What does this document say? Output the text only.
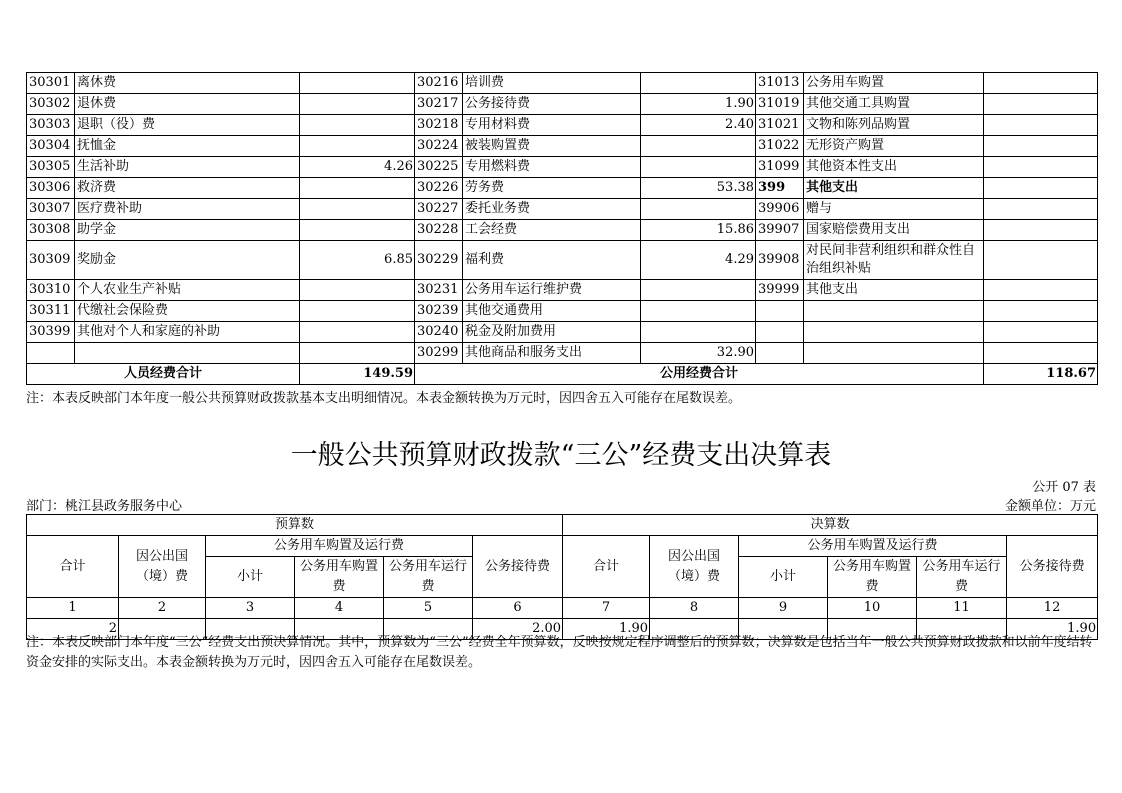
30301	离休费		30216	培训费		31013	公务用车购置	
30302	退休费		30217	公务接待费	1.90	31019	其他交通工具购置	
30303	退职（役）费		30218	专用材料费	2.40	31021	文物和陈列品购置	
30304	抚恤金		30224	被装购置费		31022	无形资产购置	
30305	生活补助	4.26	30225	专用燃料费		31099	其他资本性支出	
30306	救济费		30226	劳务费	53.38	399	其他支出	
30307	医疗费补助		30227	委托业务费		39906	赠与	
30308	助学金		30228	工会经费	15.86	39907	国家赔偿费用支出	
30309	奖励金	6.85	30229	福利费	4.29	39908	对民间非营利组织和群众性自治组织补贴	
30310	个人农业生产补贴		30231	公务用车运行维护费		39999	其他支出	
30311	代缴社会保险费		30239	其他交通费用				
30399	其他对个人和家庭的补助		30240	税金及附加费用				
			30299	其他商品和服务支出	32.90			
人员经费合计		149.59	公用经费合计					118.67
注：本表反映部门本年度一般公共预算财政拨款基本支出明细情况。本表金额转换为万元时，因四舍五入可能存在尾数误差。
一般公共预算财政拨款“三公”经费支出决算表
公开 07 表
部门：桃江县政务服务中心	金额单位：万元
预算数						决算数					
合计	因公出国（境）费	公务用车购置及运行费			公务接待费	合计	因公出国（境）费	公务用车购置及运行费			公务接待费
		小计	公务用车购置费	公务用车运行费				小计	公务用车购置费	公务用车运行费	
1	2	3	4	5	6	7	8	9	10	11	12
2					2.00	1.90					1.90
注：本表反映部门本年度“三公”经费支出预决算情况。其中，预算数为“三公”经费全年预算数，反映按规定程序调整后的预算数；决算数是包括当年一般公共预算财政拨款和以前年度结转资金安排的实际支出。本表金额转换为万元时，因四舍五入可能存在尾数误差。
